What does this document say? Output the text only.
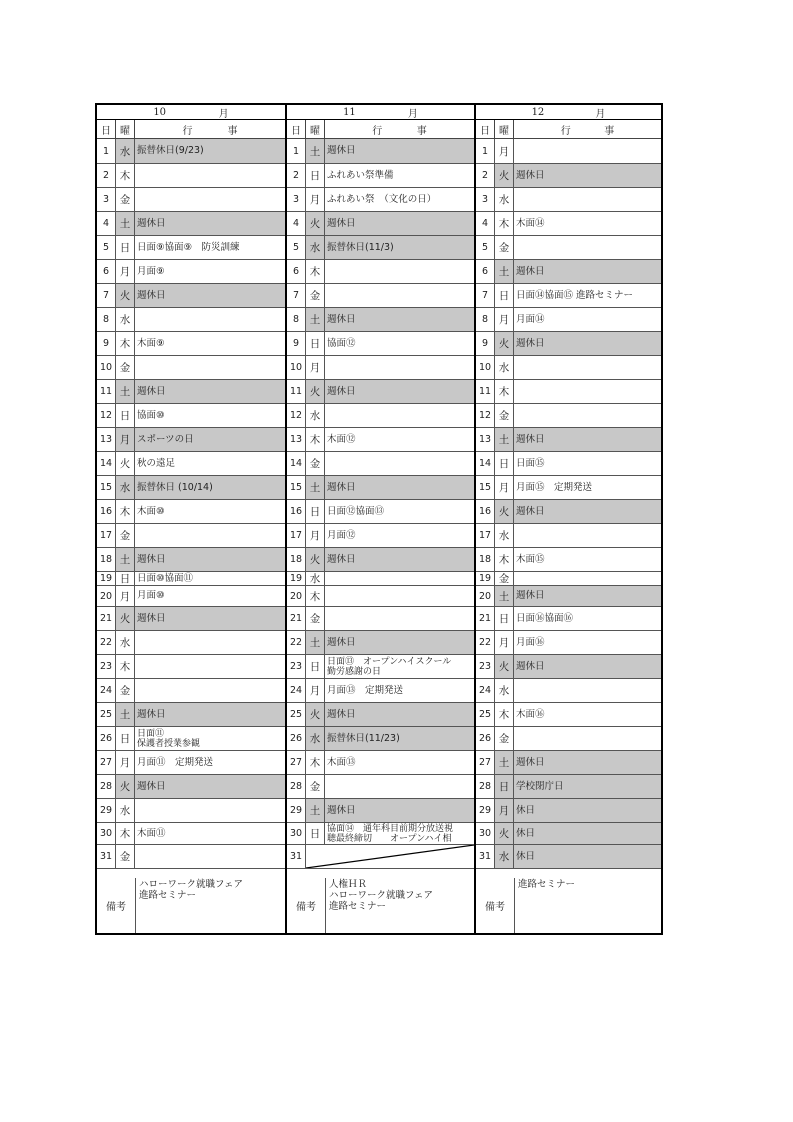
10	月
日 曜	行	事
1	水 振替休日(9/23)
2	木
3	金
4	土 週休日
5	日 日面⑨協面⑨　防災訓練
6	月 月面⑨
7	火 週休日
8	水
9	木 木面⑨
10 金
11 土 週休日
12 日 協面⑩
13 月 スポーツの日
14 火 秋の遠足
15 水 振替休日 (10/14)
16 木 木面⑩
17 金
18 土 週休日
19 日 日面⑩協面⑪
20 月 月面⑩
21 火 週休日
22 水
23 木
24 金
25 土 週休日
26 日 日面⑪
保護者授業参観
27 月 月面⑪　定期発送
28 火 週休日
29 水
30 木 木面⑪
31 金
備考
ハローワーク就職フェア
進路セミナー
11	月
日 曜	行	事
1	土 週休日
2	日 ふれあい祭準備
3	月 ふれあい祭　（文化の日）
4	火 週休日
5	水 振替休日(11/3)
6	木
7	金
8	土 週休日
9	日 協面⑫
10 月
11 火 週休日
12 水
13 木 木面⑫
14 金
15 土 週休日
16 日 日面⑫協面⑬
17 月 月面⑫
18 火 週休日
19 水
20 木
21 金
22 土 週休日
23 日 日面⑬　オープンハイスクール
勤労感謝の日
24 月 月面⑬　定期発送
25 火 週休日
26 水 振替休日(11/23)
27 木 木面⑬
28 金
29 土 週休日
30 日 協面⑭　通年科目前期分放送視
聴最終締切　　オープンハイ相
31
備考
人権ＨＲ
ハローワーク就職フェア
進路セミナー
12	月
日 曜	行	事
1	月
2	火 週休日
3	水
4	木 木面⑭
5	金
6	土 週休日
7	日 日面⑭協面⑮ 進路セミナー
8	月 月面⑭
9	火 週休日
10 水
11 木
12 金
13 土 週休日
14 日 日面⑮
15 月 月面⑮　定期発送
16 火 週休日
17 水
18 木 木面⑮
19 金
20 土 週休日
21 日 日面⑯協面⑯
22 月 月面⑯
23 火 週休日
24 水
25 木 木面⑯
26 金
27 土 週休日
28 日 学校閉庁日
29 月 休日
30 火 休日
31 水 休日
備考
進路セミナー
